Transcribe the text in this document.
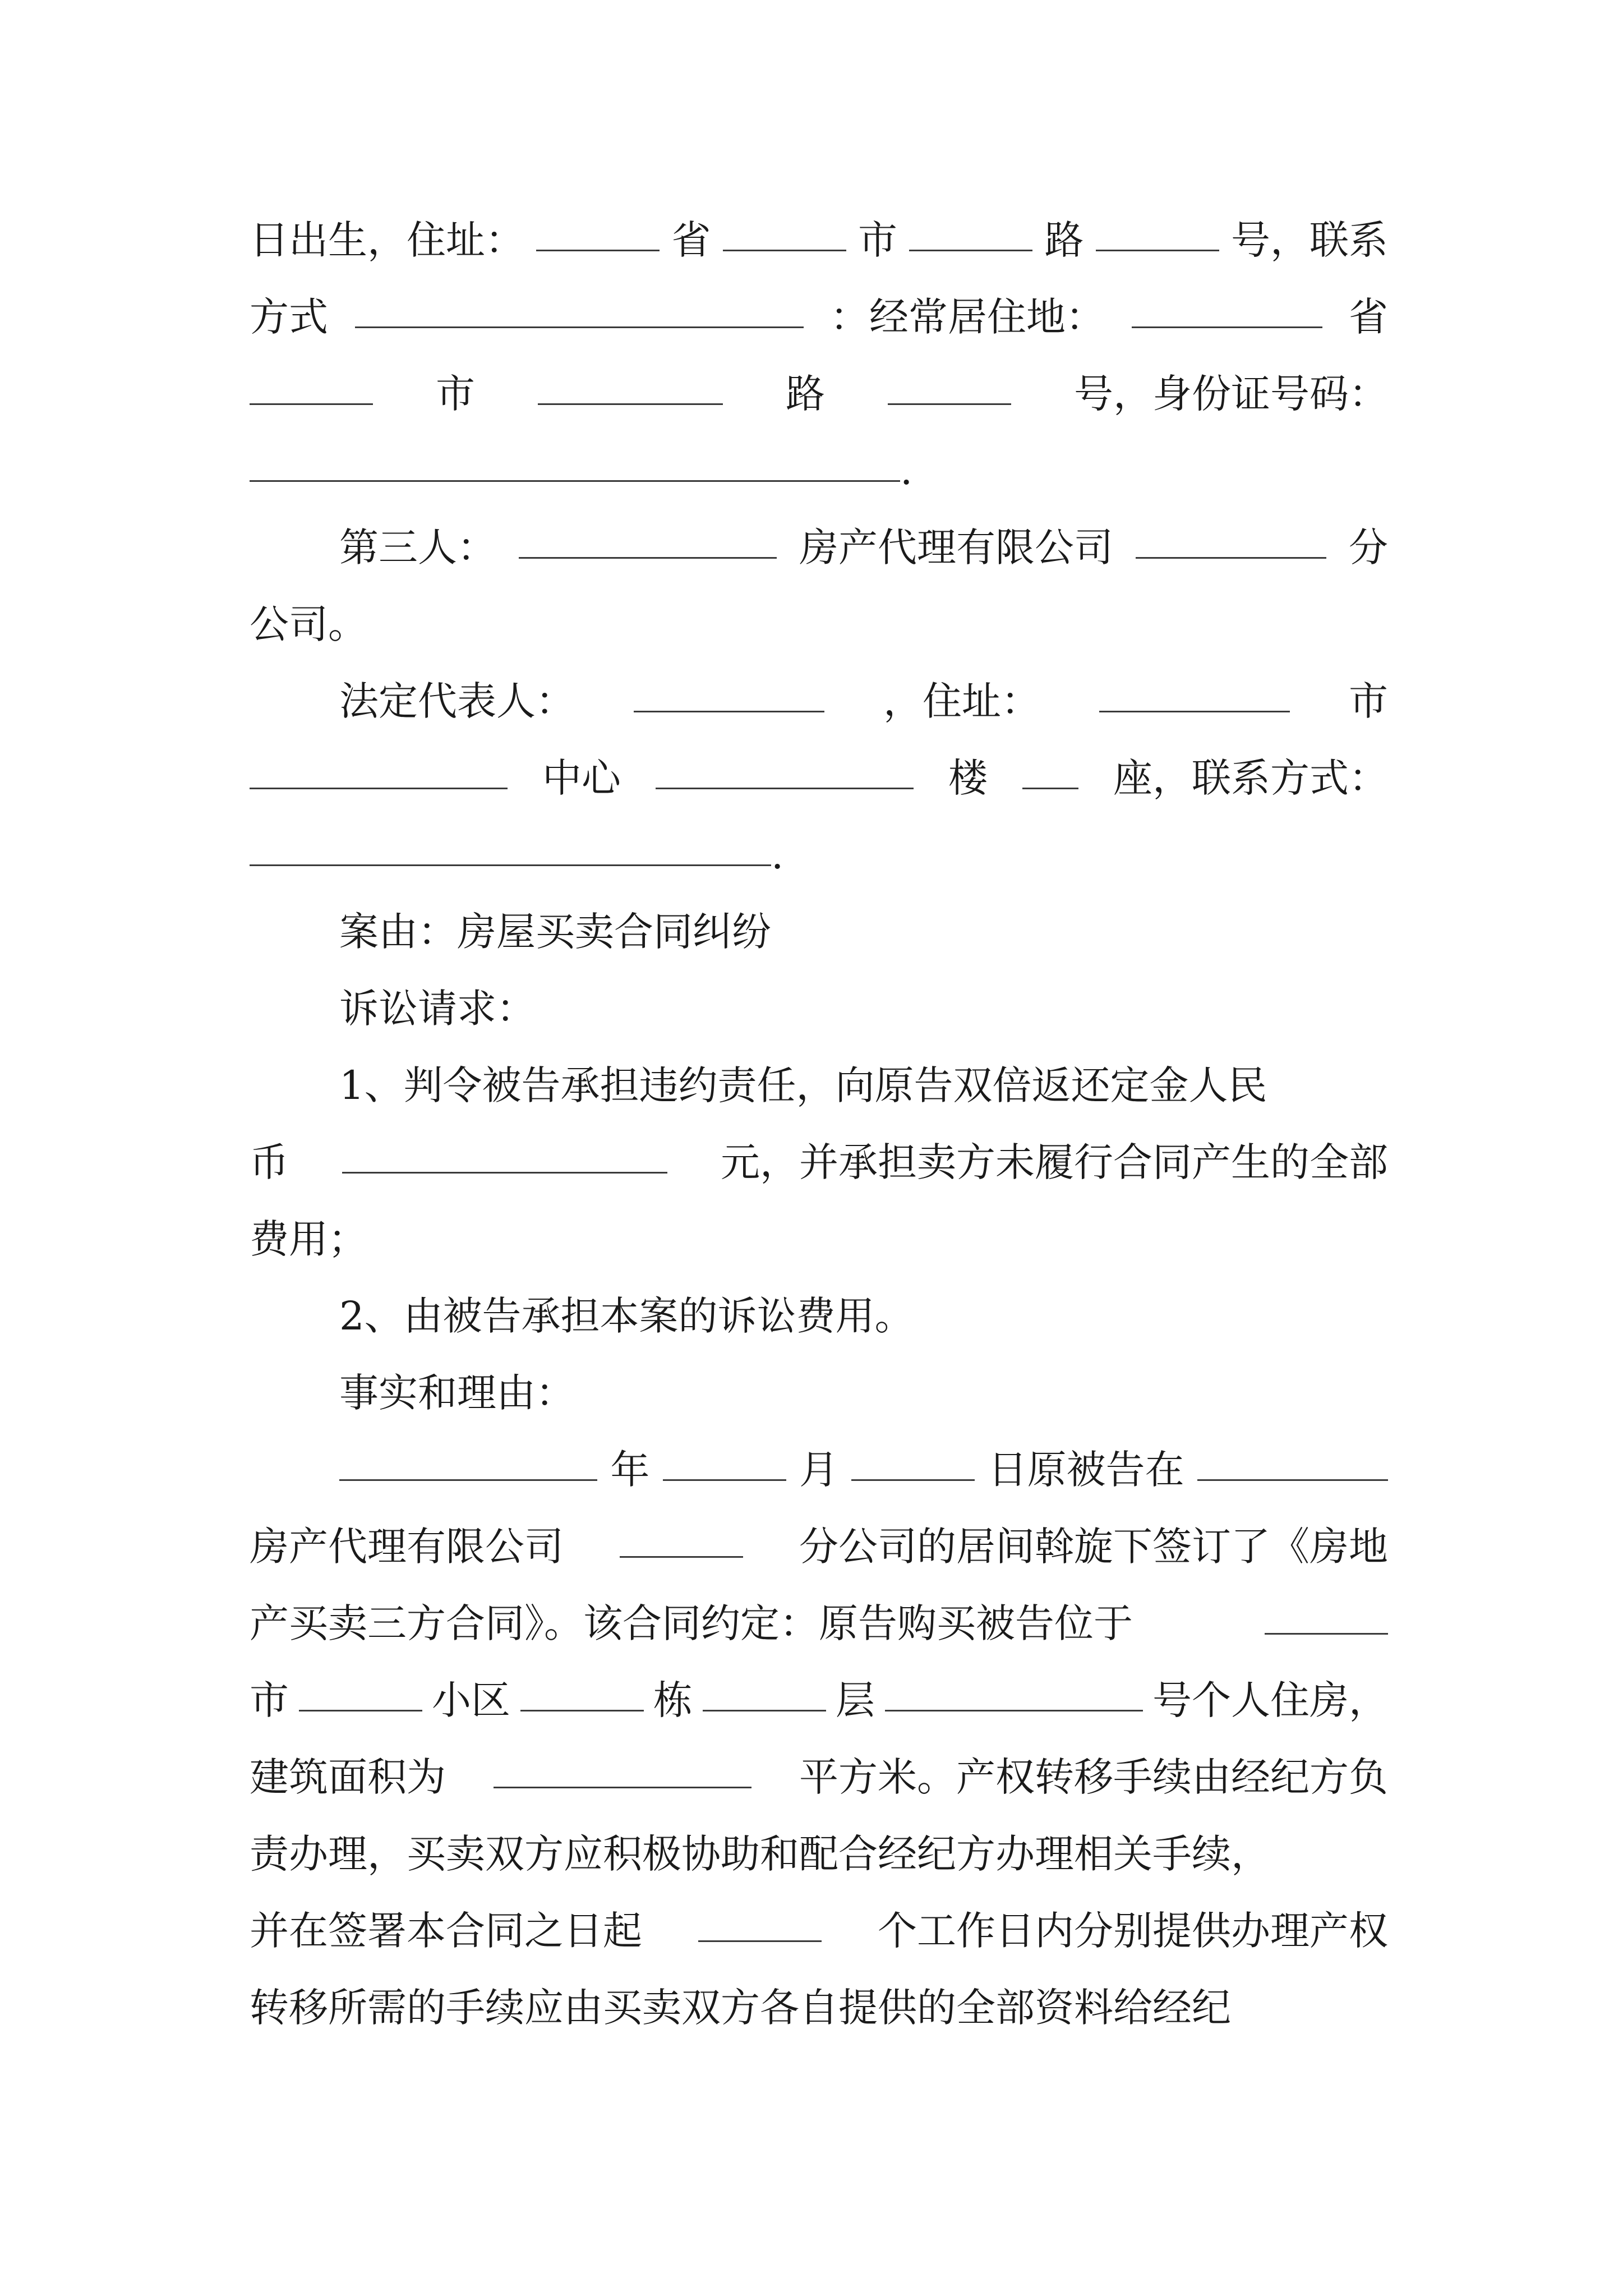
日出生，住址：	省	市	路	号，联系
方式	：经常居住地：	省
市	路	号，身份证号码：
.
第三人：	房产代理有限公司	分
公司。
法定代表人：	，住址：	市
中心	楼	座，联系方式：
.
案由：房屋买卖合同纠纷
诉讼请求：
1、判令被告承担违约责任，向原告双倍返还定金人民
币	元，并承担卖方未履行合同产生的全部
费用；
2、由被告承担本案的诉讼费用。
事实和理由：
年	月	日原被告在
房产代理有限公司	分公司的居间斡旋下签订了《房地
产买卖三方合同》。该合同约定：原告购买被告位于
市	小区	栋	层	号个人住房，
建筑面积为	平方米。产权转移手续由经纪方负
责办理，买卖双方应积极协助和配合经纪方办理相关手续，
并在签署本合同之日起	个工作日内分别提供办理产权
转移所需的手续应由买卖双方各自提供的全部资料给经纪
